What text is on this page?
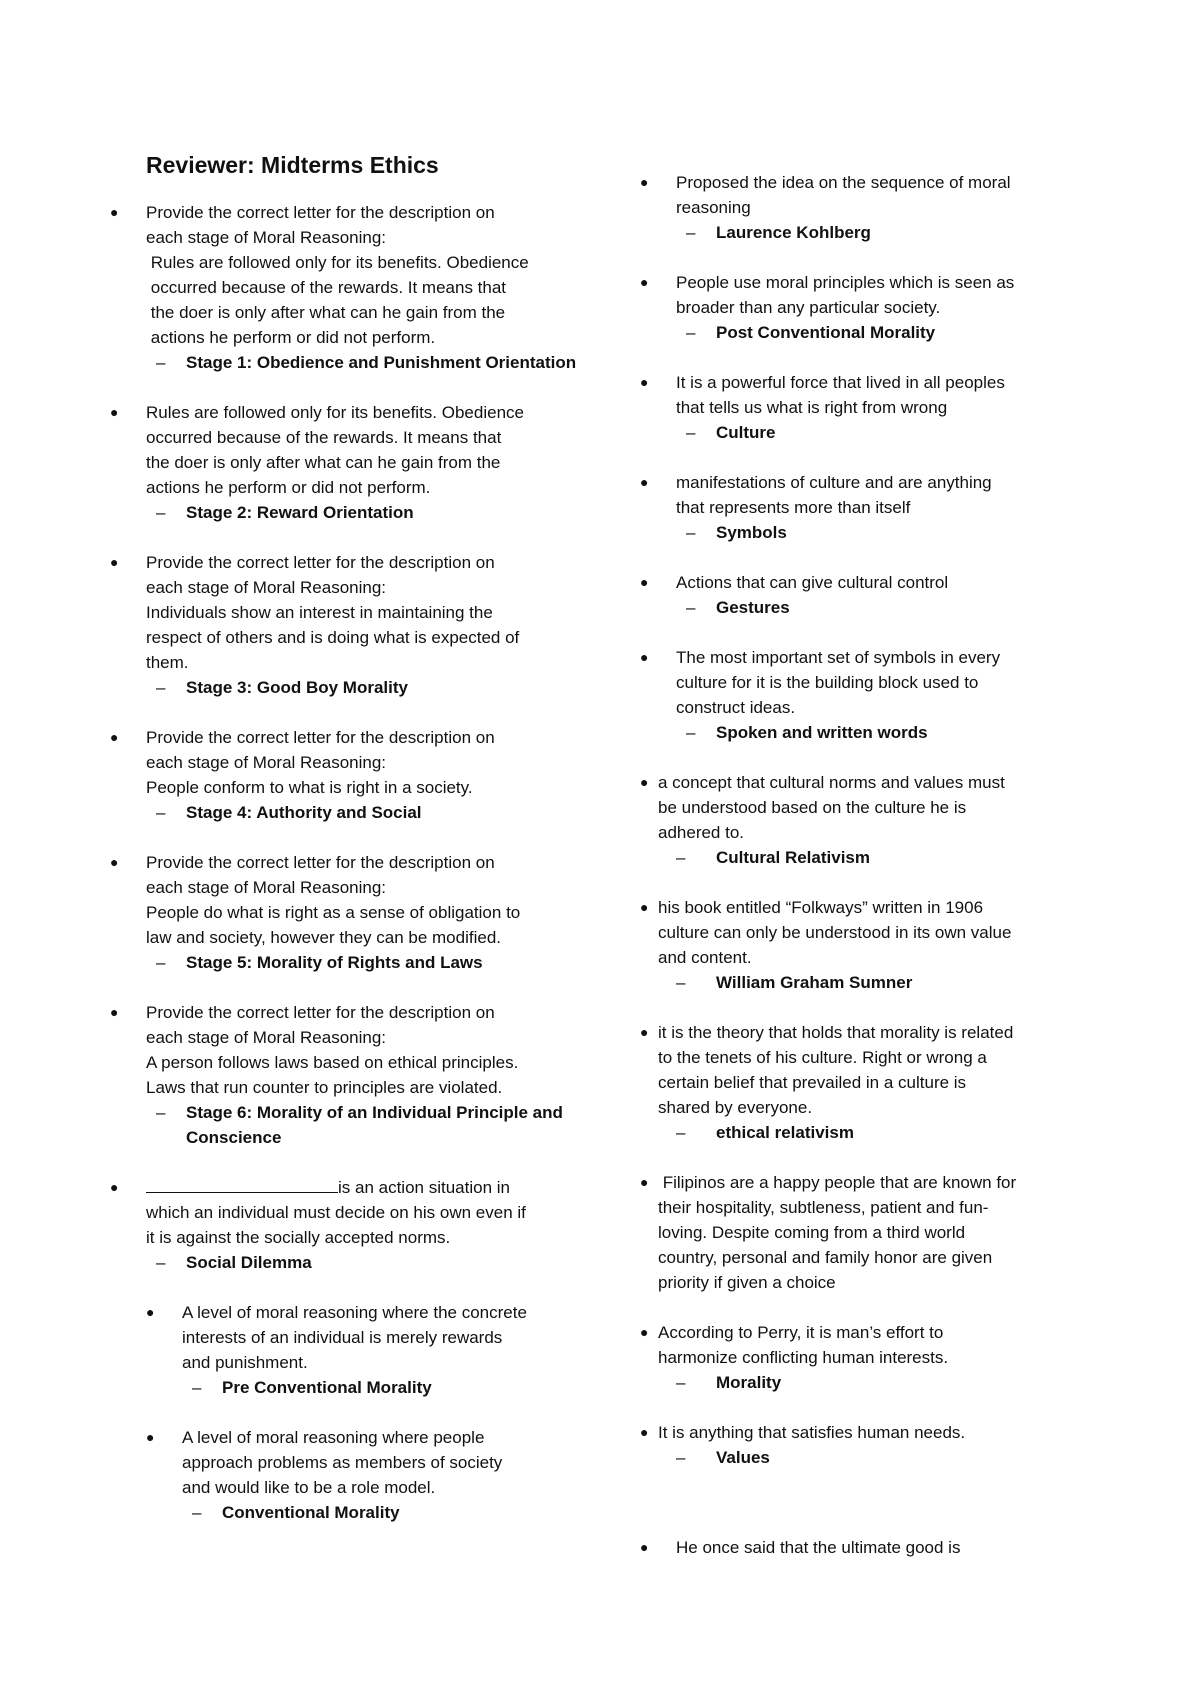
Reviewer: Midterms Ethics
●	Provide the correct letter for the description on
each stage of Moral Reasoning:
Rules are followed only for its benefits. Obedience
occurred because of the rewards. It means that
the doer is only after what can he gain from the
actions he perform or did not perform.
– Stage 1: Obedience and Punishment Orientation
●	Rules are followed only for its benefits. Obedience
occurred because of the rewards. It means that
the doer is only after what can he gain from the
actions he perform or did not perform.
– Stage 2: Reward Orientation
●	Provide the correct letter for the description on
each stage of Moral Reasoning:
Individuals show an interest in maintaining the
respect of others and is doing what is expected of
them.
– Stage 3: Good Boy Morality
●	Provide the correct letter for the description on
each stage of Moral Reasoning:
People conform to what is right in a society.
– Stage 4: Authority and Social
●	Provide the correct letter for the description on
each stage of Moral Reasoning:
People do what is right as a sense of obligation to
law and society, however they can be modified.
– Stage 5: Morality of Rights and Laws
●	Provide the correct letter for the description on
each stage of Moral Reasoning:
A person follows laws based on ethical principles.
Laws that run counter to principles are violated.
– Stage 6: Morality of an Individual Principle and Conscience
●	is an action situation in
which an individual must decide on his own even if
it is against the socially accepted norms.
– Social Dilemma
●	A level of moral reasoning where the concrete
interests of an individual is merely rewards
and punishment.
– Pre Conventional Morality
●	A level of moral reasoning where people
approach problems as members of society
and would like to be a role model.
– Conventional Morality
●	Proposed the idea on the sequence of moral
reasoning
– Laurence Kohlberg
●	People use moral principles which is seen as
broader than any particular society.
– Post Conventional Morality
●	It is a powerful force that lived in all peoples
that tells us what is right from wrong
– Culture
●	manifestations of culture and are anything
that represents more than itself
– Symbols
●	Actions that can give cultural control
– Gestures
●	The most important set of symbols in every
culture for it is the building block used to
construct ideas.
– Spoken and written words
● a concept that cultural norms and values must
be understood based on the culture he is
adhered to.
– Cultural Relativism
● his book entitled “Folkways” written in 1906
culture can only be understood in its own value
and content.
– William Graham Sumner
● it is the theory that holds that morality is related
to the tenets of his culture. Right or wrong a
certain belief that prevailed in a culture is
shared by everyone.
– ethical relativism
● Filipinos are a happy people that are known for
their hospitality, subtleness, patient and fun-
loving. Despite coming from a third world
country, personal and family honor are given
priority if given a choice
● According to Perry, it is man’s effort to
harmonize conflicting human interests.
– Morality
● It is anything that satisfies human needs.
– Values
●	He once said that the ultimate good is
